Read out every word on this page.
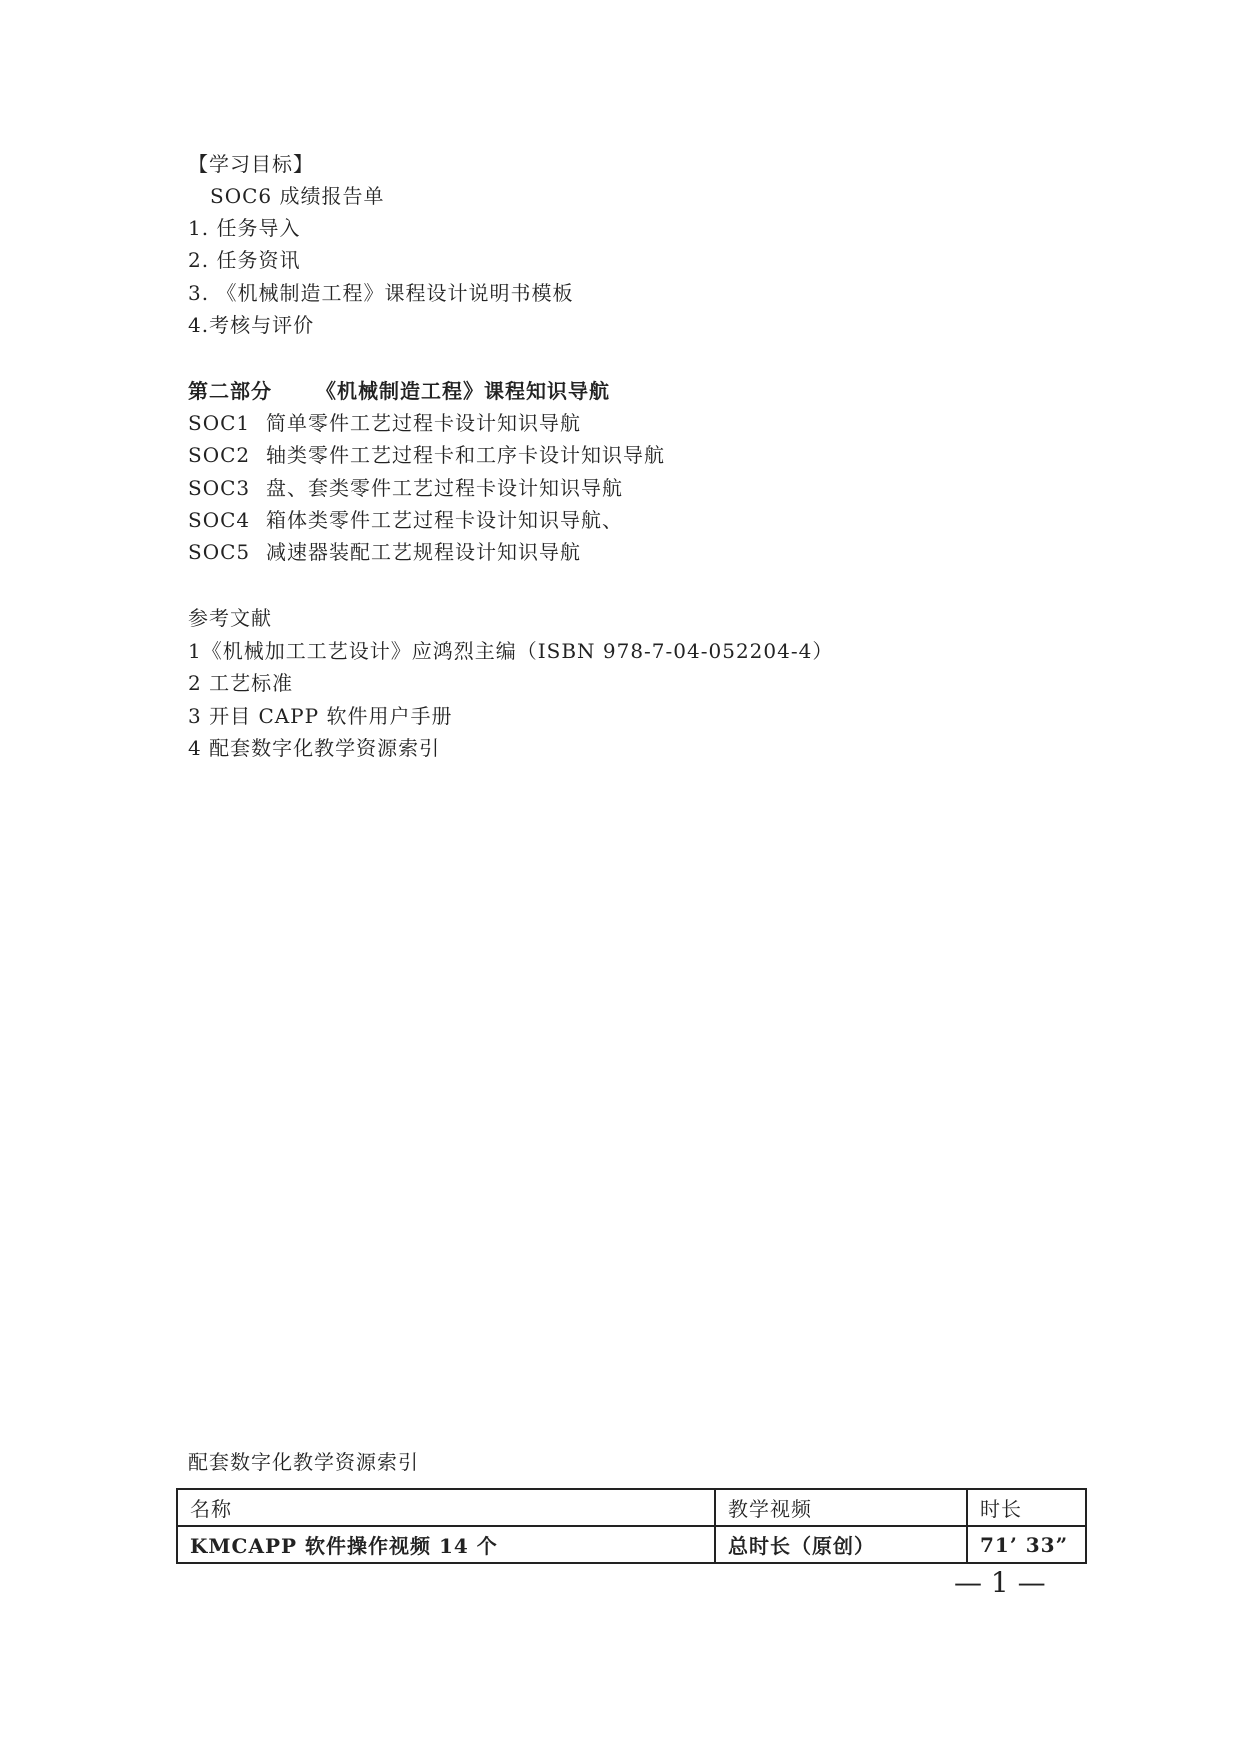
【学习目标】
SOC6 成绩报告单
1. 任务导入
2. 任务资讯
3. 《机械制造工程》课程设计说明书模板
4.考核与评价
第二部分 《机械制造工程》课程知识导航
SOC1 简单零件工艺过程卡设计知识导航
SOC2 轴类零件工艺过程卡和工序卡设计知识导航
SOC3 盘、套类零件工艺过程卡设计知识导航
SOC4 箱体类零件工艺过程卡设计知识导航、
SOC5 减速器装配工艺规程设计知识导航
参考文献
1《机械加工工艺设计》应鸿烈主编（ISBN 978-7-04-052204-4）
2 工艺标准
3 开目 CAPP 软件用户手册
4 配套数字化教学资源索引
配套数字化教学资源索引
名称	教学视频	时长
KMCAPP 软件操作视频 14 个	总时长（原创）	71’ 33”
— 1 —
